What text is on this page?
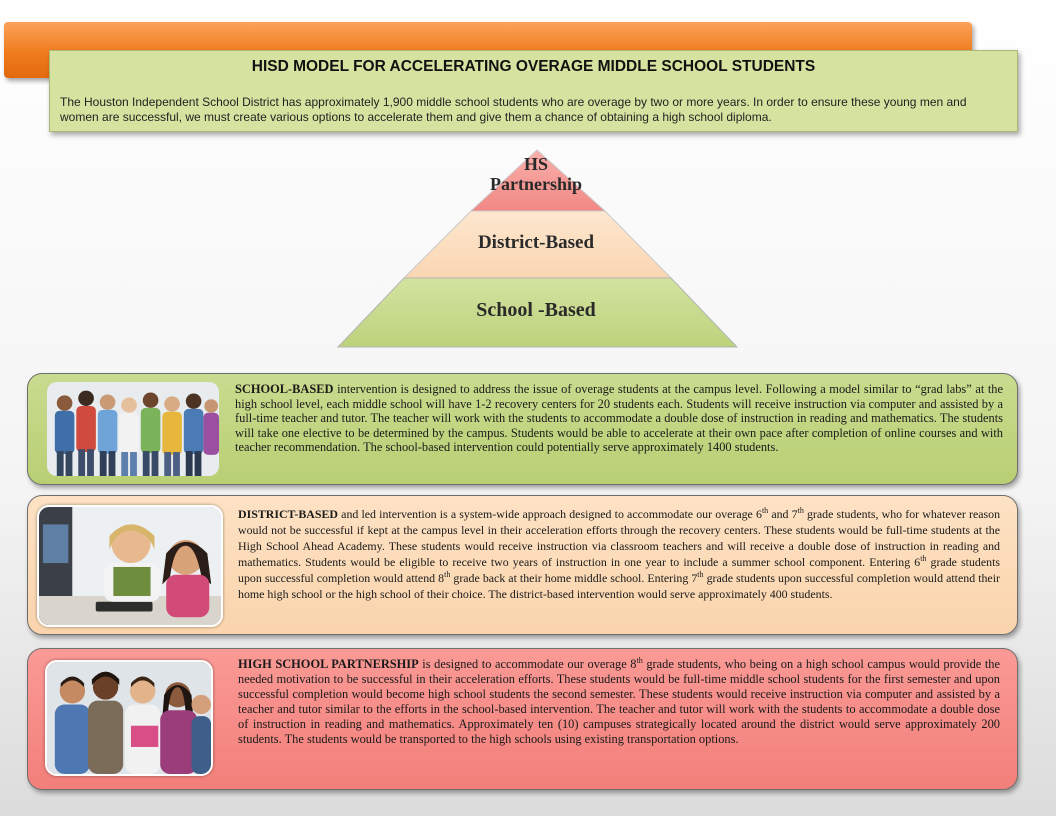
HISD MODEL FOR ACCELERATING OVERAGE MIDDLE SCHOOL STUDENTS
The Houston Independent School District has approximately 1,900 middle school students who are overage by two or more years. In order to ensure these young men and women are successful, we must create various options to accelerate them and give them a chance of obtaining a high school diploma.
HS
Partnership
District-Based
School -Based
SCHOOL-BASED intervention is designed to address the issue of overage students at the campus level. Following a model similar to “grad labs” at the high school level, each middle school will have 1-2 recovery centers for 20 students each. Students will receive instruction via computer and assisted by a full-time teacher and tutor. The teacher will work with the students to accommodate a double dose of instruction in reading and mathematics. The students will take one elective to be determined by the campus. Students would be able to accelerate at their own pace after completion of online courses and with teacher recommendation. The school-based intervention could potentially serve approximately 1400 students.
DISTRICT-BASED and led intervention is a system-wide approach designed to accommodate our overage 6th and 7th grade students, who for whatever reason would not be successful if kept at the campus level in their acceleration efforts through the recovery centers. These students would be full-time students at the High School Ahead Academy. These students would receive instruction via classroom teachers and will receive a double dose of instruction in reading and mathematics. Students would be eligible to receive two years of instruction in one year to include a summer school component. Entering 6th grade students upon successful completion would attend 8th grade back at their home middle school. Entering 7th grade students upon successful completion would attend their home high school or the high school of their choice. The district-based intervention would serve approximately 400 students.
HIGH SCHOOL PARTNERSHIP is designed to accommodate our overage 8th grade students, who being on a high school campus would provide the needed motivation to be successful in their acceleration efforts. These students would be full-time middle school students for the first semester and upon successful completion would become high school students the second semester. These students would receive instruction via computer and assisted by a teacher and tutor similar to the efforts in the school-based intervention. The teacher and tutor will work with the students to accommodate a double dose of instruction in reading and mathematics. Approximately ten (10) campuses strategically located around the district would serve approximately 200 students. The students would be transported to the high schools using existing transportation options.
